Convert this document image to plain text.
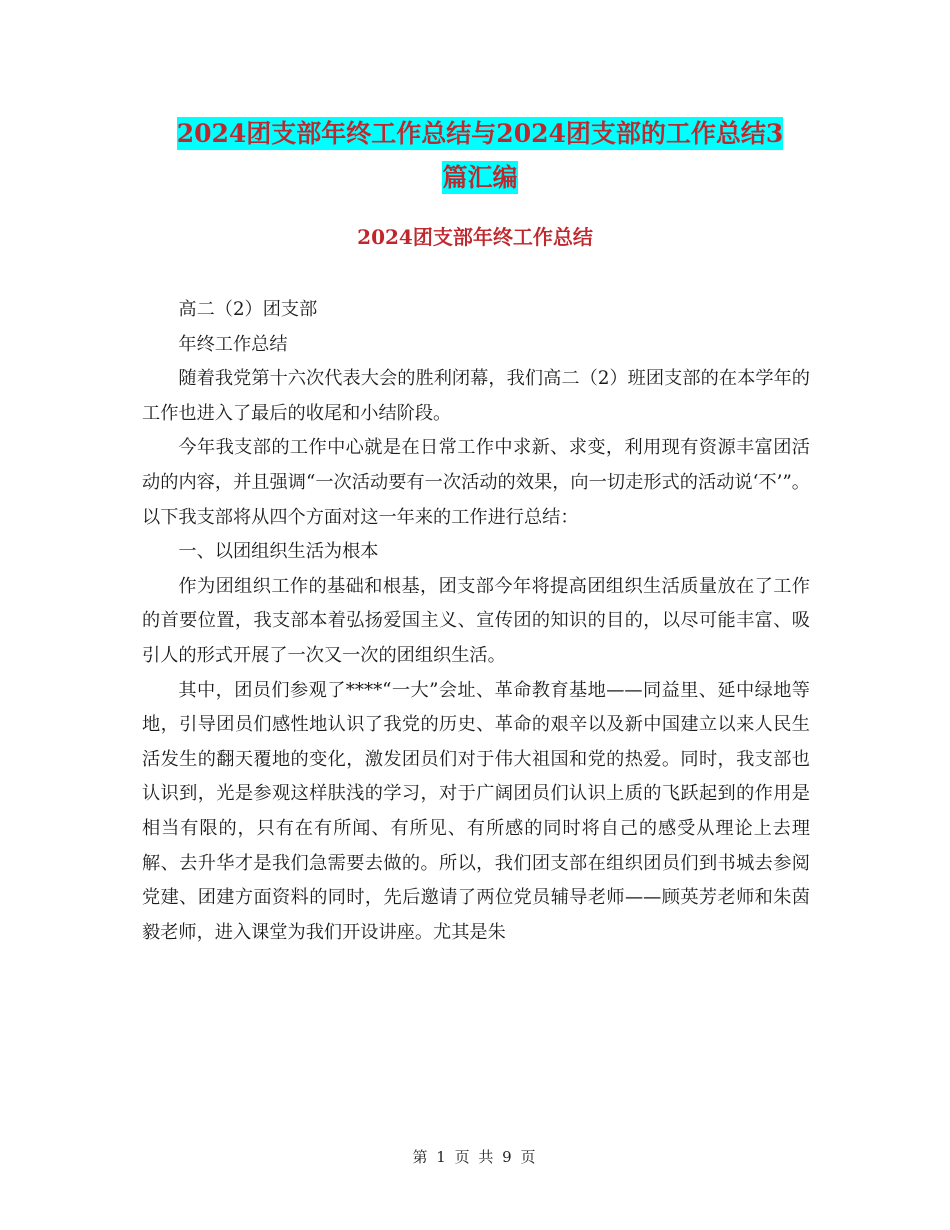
2024团支部年终工作总结与2024团支部的工作总结3
篇汇编
2024团支部年终工作总结

高二（2）团支部

年终工作总结

随着我党第十六次代表大会的胜利闭幕，我们高二（2）班团支部的在本学年的工作也进入了最后的收尾和小结阶段。

今年我支部的工作中心就是在日常工作中求新、求变，利用现有资源丰富团活动的内容，并且强调“一次活动要有一次活动的效果，向一切走形式的活动说‘不’”。以下我支部将从四个方面对这一年来的工作进行总结：

一、以团组织生活为根本

作为团组织工作的基础和根基，团支部今年将提高团组织生活质量放在了工作的首要位置，我支部本着弘扬爱国主义、宣传团的知识的目的，以尽可能丰富、吸引人的形式开展了一次又一次的团组织生活。

其中，团员们参观了****“一大”会址、革命教育基地——同益里、延中绿地等地，引导团员们感性地认识了我党的历史、革命的艰辛以及新中国建立以来人民生活发生的翻天覆地的变化，激发团员们对于伟大祖国和党的热爱。同时，我支部也认识到，光是参观这样肤浅的学习，对于广阔团员们认识上质的飞跃起到的作用是相当有限的，只有在有所闻、有所见、有所感的同时将自己的感受从理论上去理解、去升华才是我们急需要去做的。所以，我们团支部在组织团员们到书城去参阅党建、团建方面资料的同时，先后邀请了两位党员辅导老师——顾英芳老师和朱茵毅老师，进入课堂为我们开设讲座。尤其是朱

第 1 页 共 9 页
